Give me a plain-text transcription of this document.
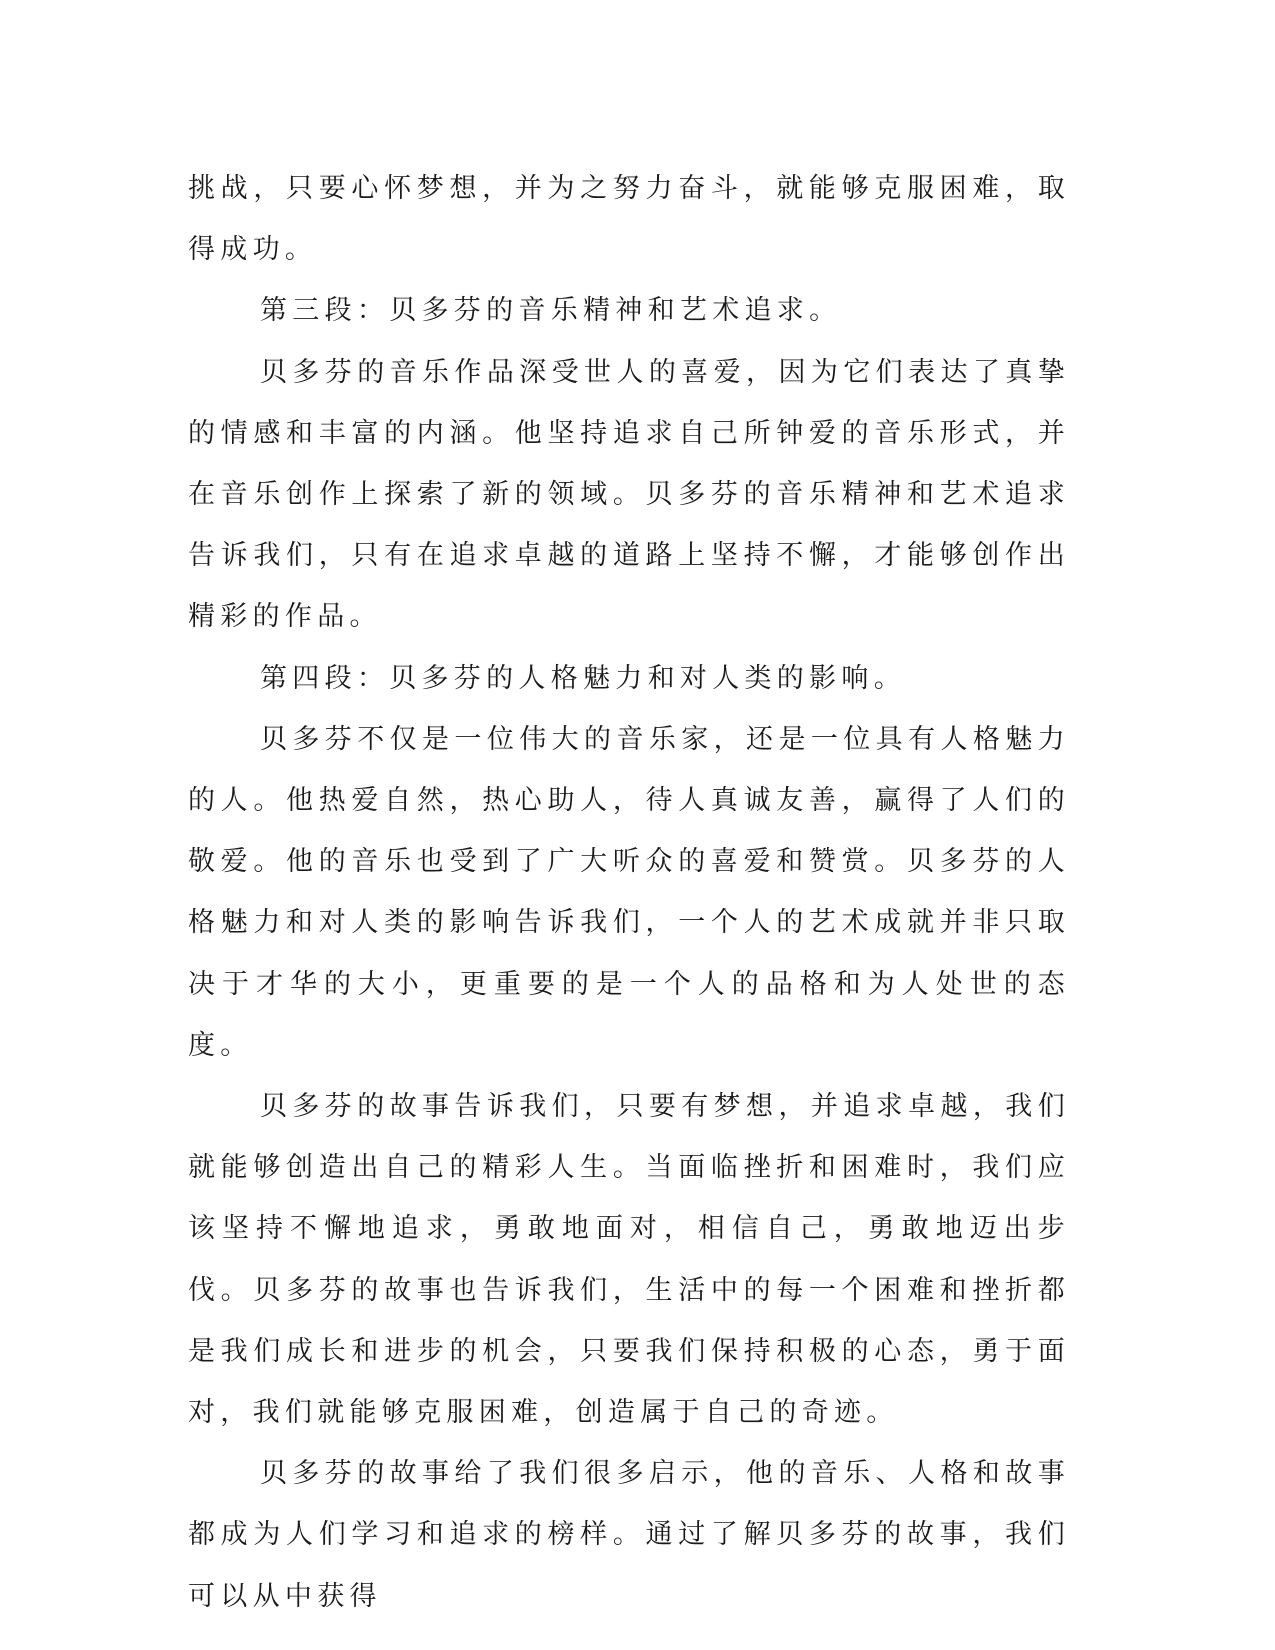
挑战，只要心怀梦想，并为之努力奋斗，就能够克服困难，取得成功。

第三段：贝多芬的音乐精神和艺术追求。

贝多芬的音乐作品深受世人的喜爱，因为它们表达了真挚的情感和丰富的内涵。他坚持追求自己所钟爱的音乐形式，并在音乐创作上探索了新的领域。贝多芬的音乐精神和艺术追求告诉我们，只有在追求卓越的道路上坚持不懈，才能够创作出精彩的作品。

第四段：贝多芬的人格魅力和对人类的影响。

贝多芬不仅是一位伟大的音乐家，还是一位具有人格魅力的人。他热爱自然，热心助人，待人真诚友善，赢得了人们的敬爱。他的音乐也受到了广大听众的喜爱和赞赏。贝多芬的人格魅力和对人类的影响告诉我们，一个人的艺术成就并非只取决于才华的大小，更重要的是一个人的品格和为人处世的态度。

贝多芬的故事告诉我们，只要有梦想，并追求卓越，我们就能够创造出自己的精彩人生。当面临挫折和困难时，我们应该坚持不懈地追求，勇敢地面对，相信自己，勇敢地迈出步伐。贝多芬的故事也告诉我们，生活中的每一个困难和挫折都是我们成长和进步的机会，只要我们保持积极的心态，勇于面对，我们就能够克服困难，创造属于自己的奇迹。

贝多芬的故事给了我们很多启示，他的音乐、人格和故事都成为人们学习和追求的榜样。通过了解贝多芬的故事，我们可以从中获得
